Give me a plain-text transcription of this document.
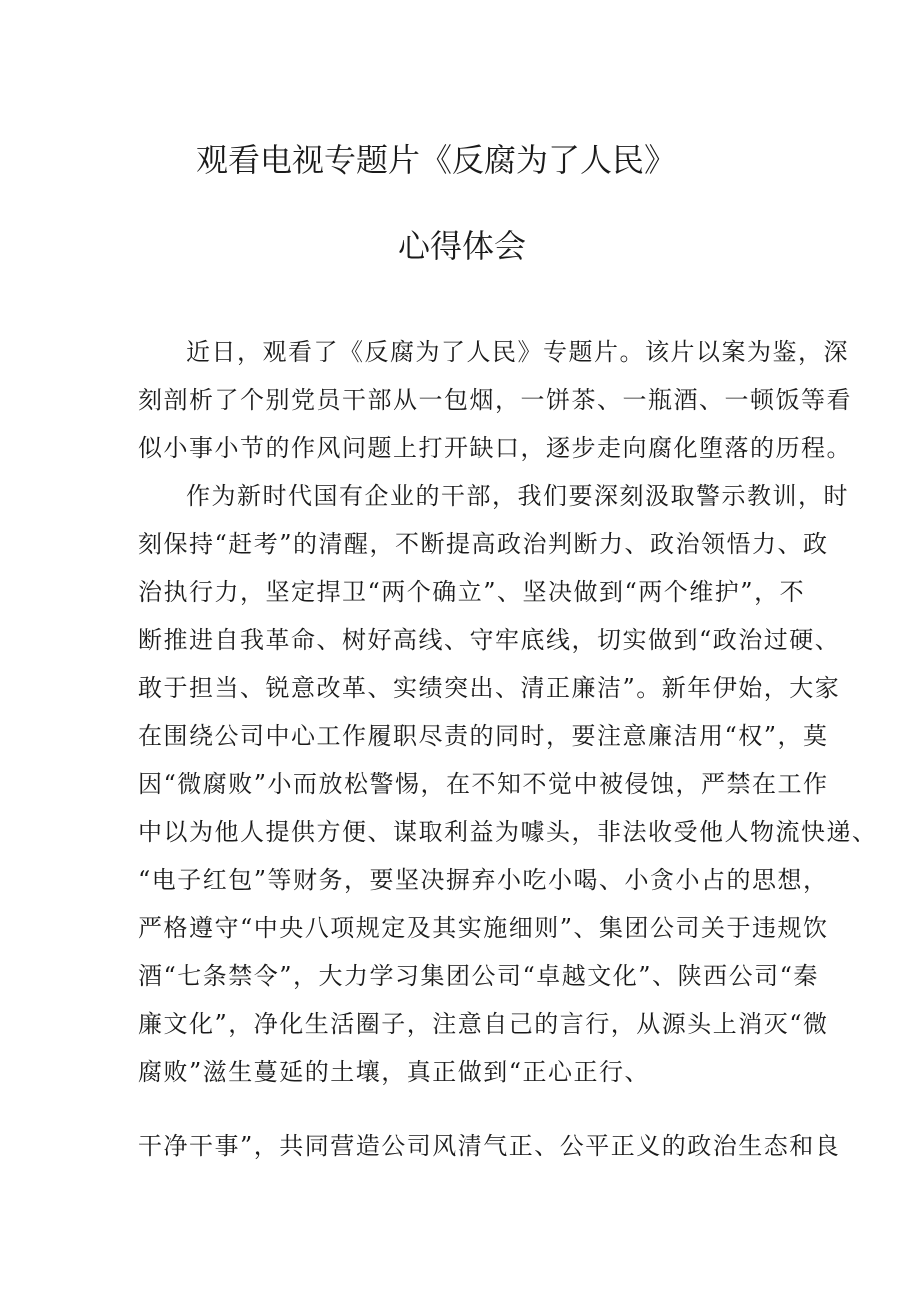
观看电视专题片《反腐为了人民》
心得体会
近日，观看了《反腐为了人民》专题片。该片以案为鉴，深
刻剖析了个别党员干部从一包烟，一饼茶、一瓶酒、一顿饭等看
似小事小节的作风问题上打开缺口，逐步走向腐化堕落的历程。
作为新时代国有企业的干部，我们要深刻汲取警示教训，时
刻保持“赶考”的清醒，不断提高政治判断力、政治领悟力、政
治执行力，坚定捍卫“两个确立”、坚决做到“两个维护”，不
断推进自我革命、树好高线、守牢底线，切实做到“政治过硬、
敢于担当、锐意改革、实绩突出、清正廉洁”。新年伊始，大家
在围绕公司中心工作履职尽责的同时，要注意廉洁用“权”，莫
因“微腐败”小而放松警惕，在不知不觉中被侵蚀，严禁在工作
中以为他人提供方便、谋取利益为噱头，非法收受他人物流快递、
“电子红包”等财务，要坚决摒弃小吃小喝、小贪小占的思想，
严格遵守“中央八项规定及其实施细则”、集团公司关于违规饮
酒“七条禁令”，大力学习集团公司“卓越文化”、陕西公司“秦
廉文化”，净化生活圈子，注意自己的言行，从源头上消灭“微
腐败”滋生蔓延的土壤，真正做到“正心正行、
干净干事”，共同营造公司风清气正、公平正义的政治生态和良
